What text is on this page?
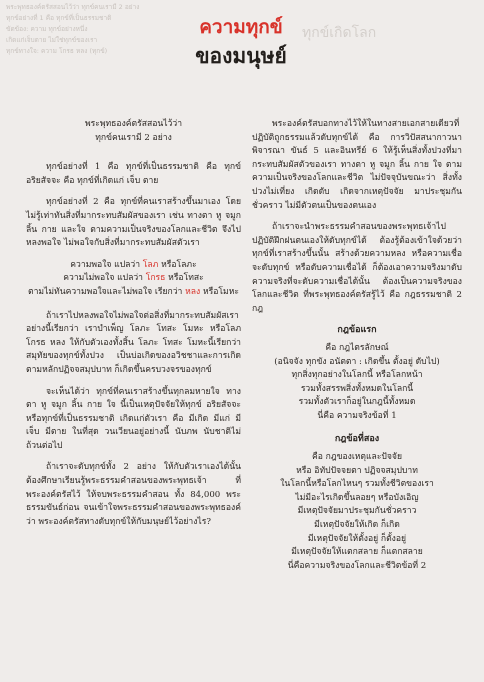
พระพุทธองค์ตรัสสอนไว้ว่า ทุกข์คนเรามี 2 อย่าง
ทุกข์อย่างที่ 1 คือ ทุกข์ที่เป็นธรรมชาติ
ขัดข้อง: ความ ทุกข์อย่างหนึ่ง
เกิดแก่เจ็บตาย ไม่ใช่ทุกข์ของเรา
ทุกข์ทางใจ: ความ โกรธ หลง (ทุกข์)
ทุกข์เกิดโลก
ความทุกข์
ของมนุษย์

พระพุทธองค์ตรัสสอนไว้ว่า

ทุกข์คนเรามี 2 อย่าง

ทุกข์อย่างที่ 1 คือ ทุกข์ที่เป็นธรรมชาติ คือ ทุกข์อริยสัจจะ คือ ทุกข์ที่เกิดแก่ เจ็บ ตาย

ทุกข์อย่างที่ 2 คือ ทุกข์ที่คนเราสร้างขึ้นมาเอง โดยไม่รู้เท่าทันสิ่งที่มากระทบสัมผัสของเรา เช่น ทางตา หู จมูก ลิ้น กาย และใจ ตามความเป็นจริงของโลกและชีวิต จึงไปหลงพอใจ ไม่พอใจกับสิ่งที่มากระทบสัมผัสตัวเรา

ความพอใจ แปลว่า โลภ หรือโลภะ

ความไม่พอใจ แปลว่า โกรธ หรือโทสะ

ตามไม่ทันความพอใจและไม่พอใจ เรียกว่า หลง หรือโมหะ

ถ้าเราไปหลงพอใจไม่พอใจต่อสิ่งที่มากระทบสัมผัสเรา อย่างนี้เรียกว่า เราบำเพ็ญ โลภะ โทสะ โมหะ หรือโลภ โกรธ หลง ให้กับตัวเองทั้งสิ้น โลภะ โทสะ โมหะนี้เรียกว่า สมุทัยของทุกข์ทั้งปวง เป็นบ่อเกิดของอวิชชาและการเกิดตามหลักปฏิจจสมุปบาท ก็เกิดขึ้นครบวงจรของทุกข์

จะเห็นได้ว่า ทุกข์ที่คนเราสร้างขึ้นทุกลมหายใจ ทางตา หู จมูก ลิ้น กาย ใจ นี้เป็นเหตุปัจจัยให้ทุกข์ อริยสัจจะ หรือทุกข์ที่เป็นธรรมชาติ เกิดแก่ตัวเรา คือ มีเกิด มีแก่ มีเจ็บ มีตาย ในที่สุด วนเวียนอยู่อย่างนี้ นับภพ นับชาติไม่ถ้วนต่อไป

ถ้าเราจะดับทุกข์ทั้ง 2 อย่าง ให้กับตัวเราเองได้นั้น ต้องศึกษาเรียนรู้พระธรรมคำสอนของพระพุทธเจ้า ที่พระองค์ตรัสไว้ ให้จบพระธรรมคำสอน ทั้ง 84,000 พระธรรมขันธ์ก่อน จนเข้าใจพระธรรมคำสอนของพระพุทธองค์ว่า พระองค์ตรัสทางดับทุกข์ให้กับมนุษย์ไว้อย่างไร?

พระองค์ตรัสบอกทางไว้ให้ในทางสายเอกสายเดียวที่ปฏิบัติถูกธรรมแล้วดับทุกข์ได้ คือ การวิปัสสนากาวนา พิจารณา ขันธ์ 5 และอินทรีย์ 6 ให้รู้เห็นสิ่งทั้งปวงที่มากระทบสัมผัสตัวของเรา ทางตา หู จมูก ลิ้น กาย ใจ ตามความเป็นจริงของโลกและชีวิต ไม่ปัจจุบันขณะว่า สิ่งทั้งปวงไม่เที่ยง เกิดดับ เกิดจากเหตุปัจจัย มาประชุมกันชั่วคราว ไม่มีตัวตนเป็นของตนเอง

ถ้าเราจะนำพระธรรมคำสอนของพระพุทธเจ้าไปปฏิบัติฝึกฝนตนเองให้ดับทุกข์ได้ ต้องรู้ต้องเข้าใจด้วยว่า ทุกข์ที่เราสร้างขึ้นนั้น สร้างด้วยความหลง หรือความเชื่อจะดับทุกข์ หรือดับความเชื่อได้ ก็ต้องเอาความจริงมาดับความจริงที่จะดับความเชื่อได้นั้น ต้องเป็นความจริงของโลกและชีวิต ที่พระพุทธองค์ตรัสรู้ไว้ คือ กฎธรรมชาติ 2 กฎ

กฎข้อแรก

คือ กฎไตรลักษณ์

(อนิจจัง ทุกขัง อนัตตา : เกิดขึ้น ตั้งอยู่ ดับไป)

ทุกสิ่งทุกอย่างในโลกนี้ หรือโลกหน้า

รวมทั้งสรรพสิ่งทั้งหมดในโลกนี้

รวมทั้งตัวเราก็อยู่ในกฎนี้ทั้งหมด

นี่คือ ความจริงข้อที่ 1

กฎข้อที่สอง

คือ กฎของเหตุและปัจจัย

หรือ อิทัปปัจจยตา ปฏิจจสมุปบาท

ในโลกนี้หรือโลกไหนๆ รวมทั้งชีวิตของเรา

ไม่มีอะไรเกิดขึ้นลอยๆ หรือบังเอิญ

มีเหตุปัจจัยมาประชุมกันชั่วคราว

มีเหตุปัจจัยให้เกิด ก็เกิด

มีเหตุปัจจัยให้ตั้งอยู่ ก็ตั้งอยู่

มีเหตุปัจจัยให้แตกสลาย ก็แตกสลาย

นี่คือความจริงของโลกและชีวิตข้อที่ 2
